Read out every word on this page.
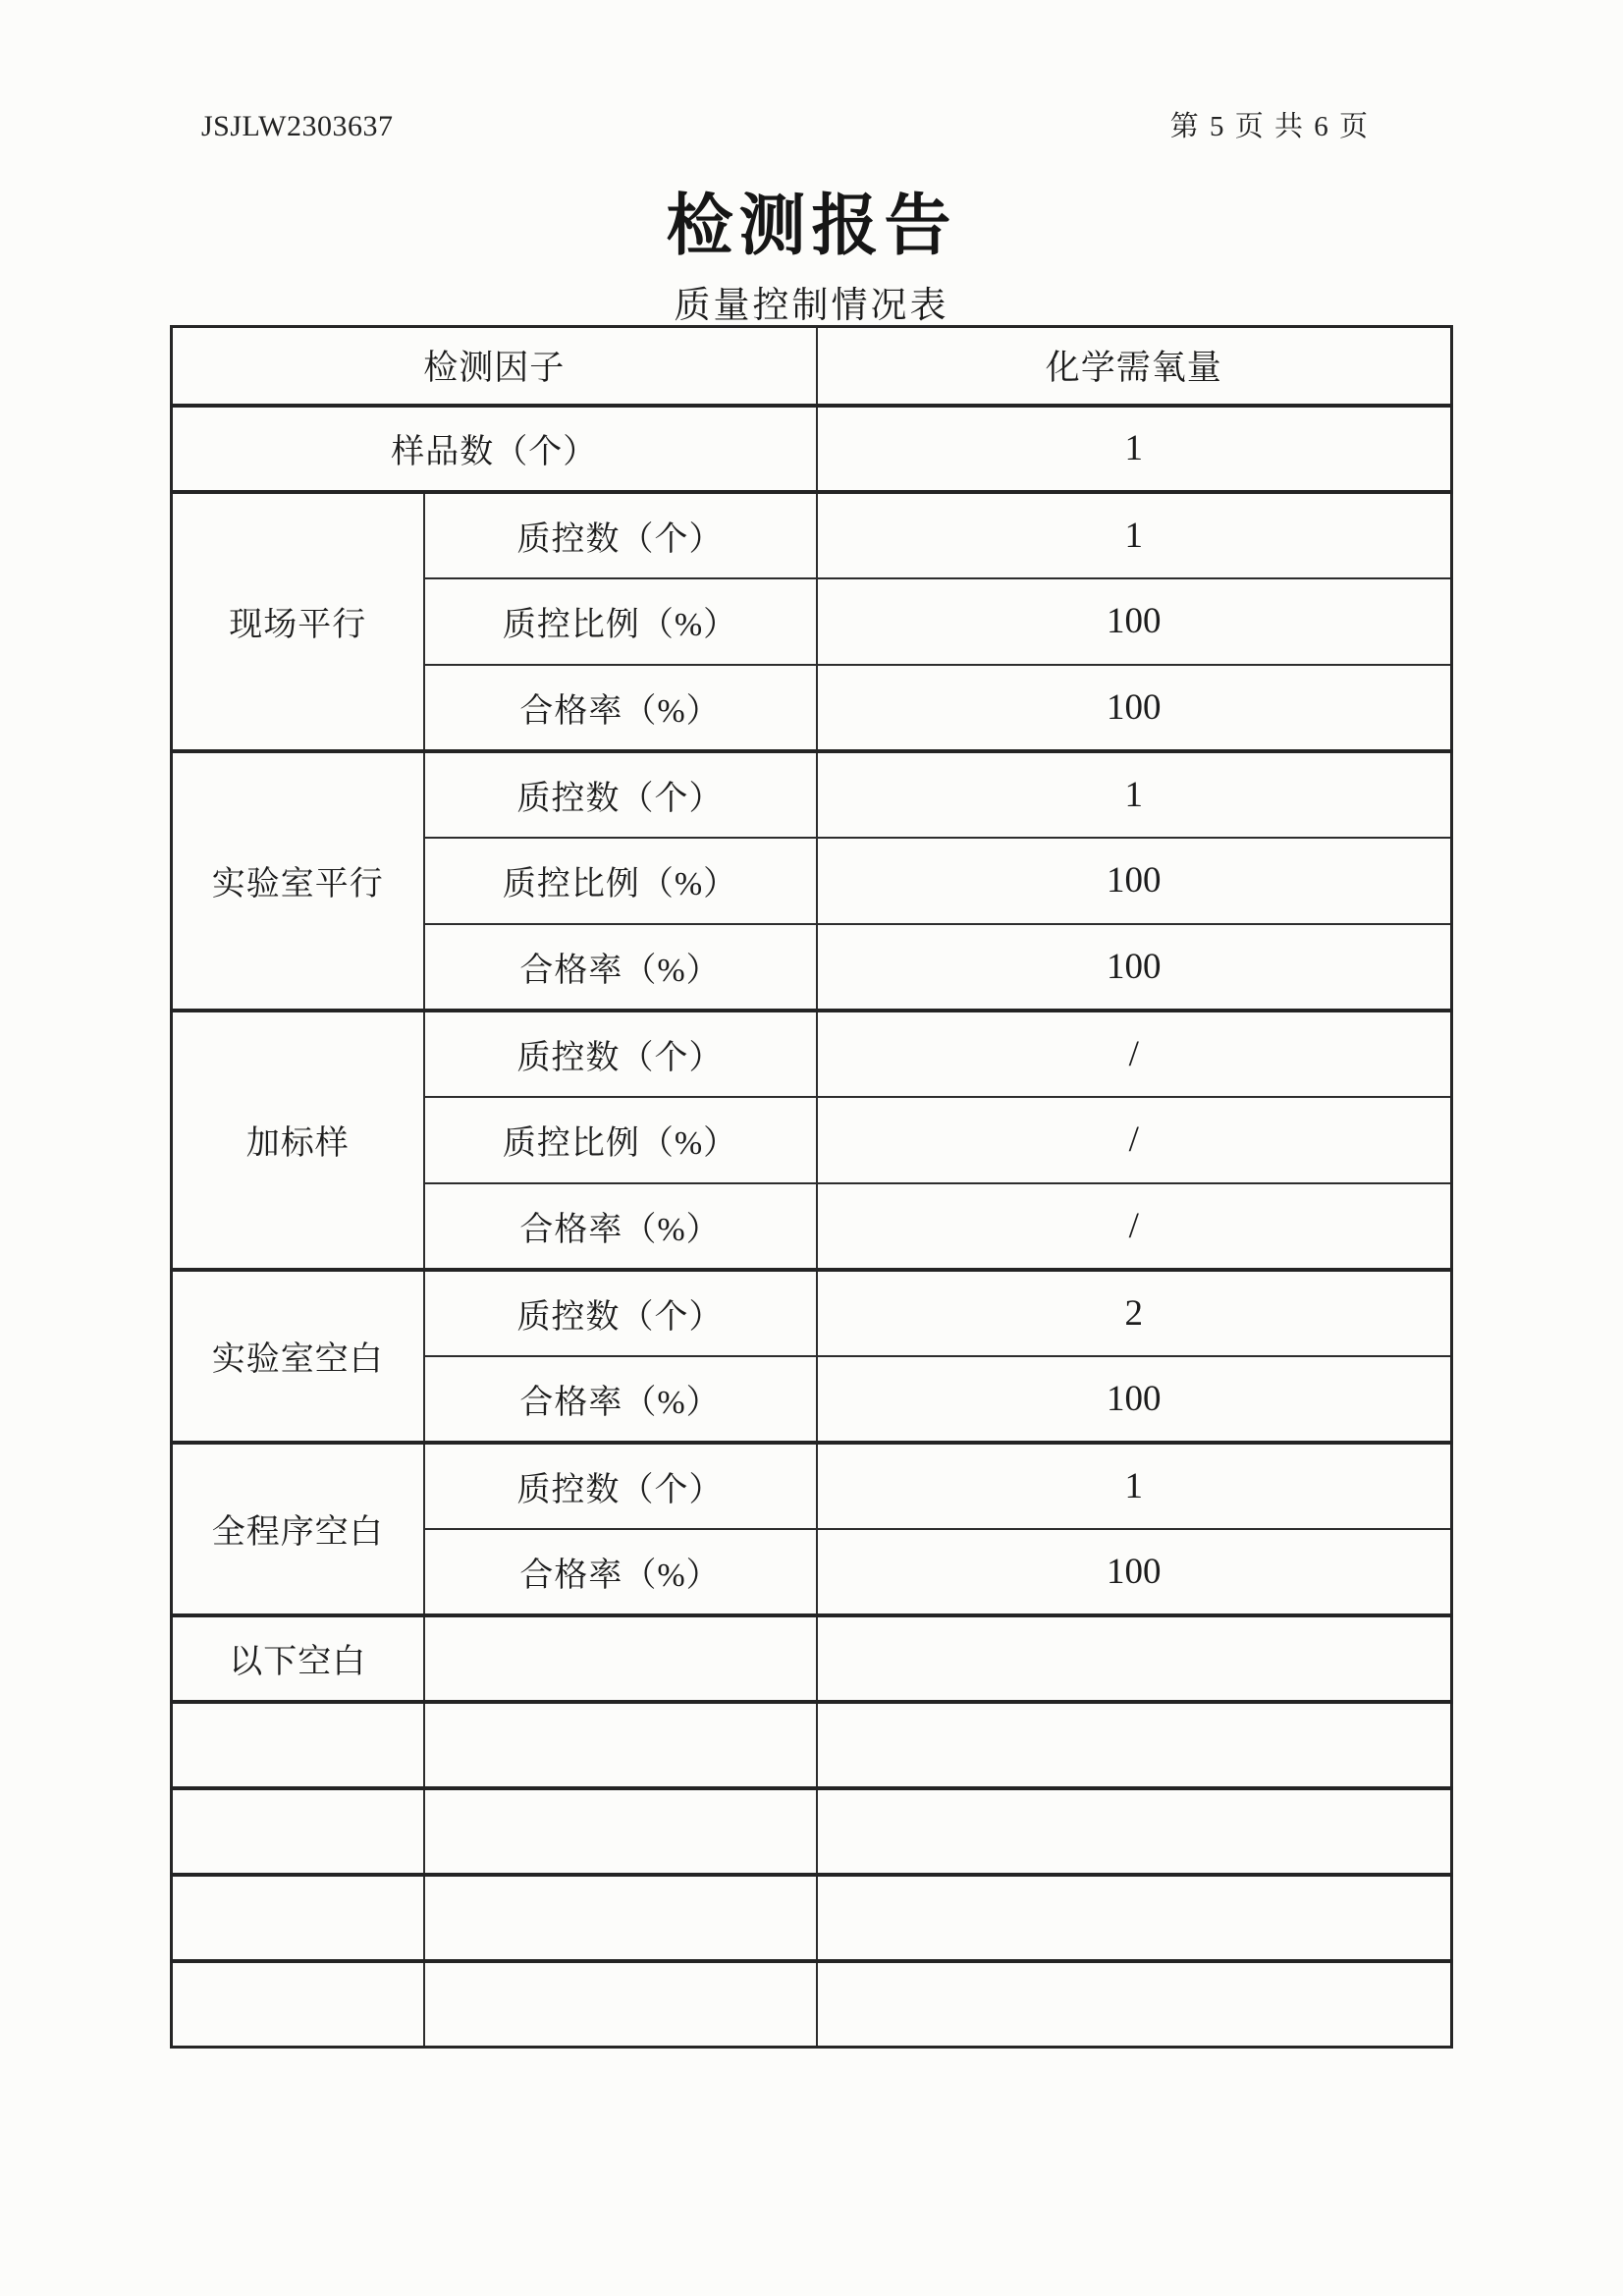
JSJLW2303637	第 5 页 共 6 页
检测报告
质量控制情况表
检测因子		化学需氧量
样品数（个）		1
现场平行	质控数（个）	1
	质控比例（%）	100
	合格率（%）	100
实验室平行	质控数（个）	1
	质控比例（%）	100
	合格率（%）	100
加标样	质控数（个）	/
	质控比例（%）	/
	合格率（%）	/
实验室空白	质控数（个）	2
	合格率（%）	100
全程序空白	质控数（个）	1
	合格率（%）	100
以下空白		
